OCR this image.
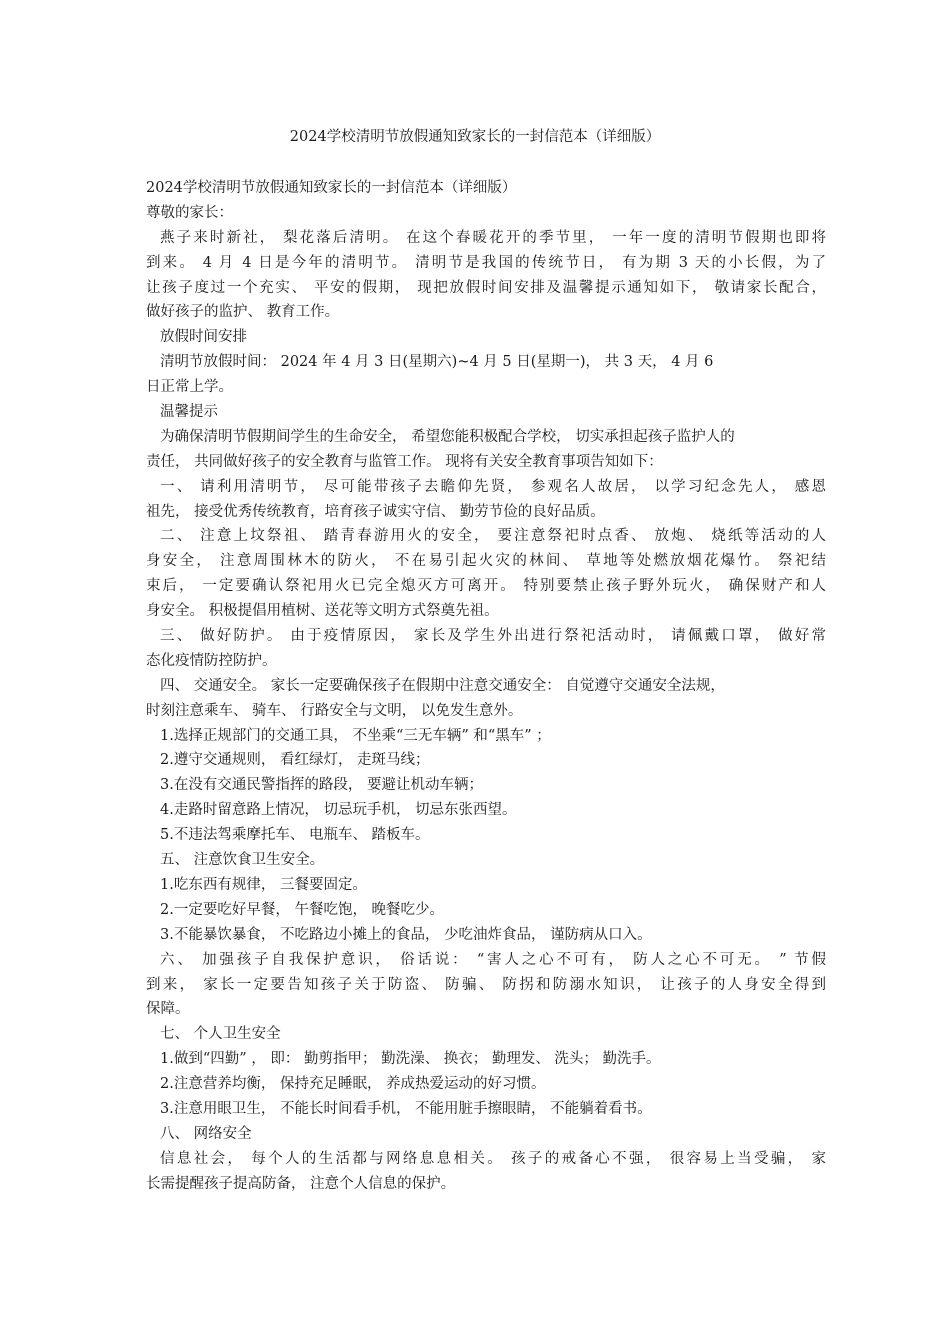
2024学校清明节放假通知致家长的一封信范本（详细版）
2024学校清明节放假通知致家长的一封信范本（详细版）
尊敬的家长：
燕子来时新社， 梨花落后清明。 在这个春暖花开的季节里， 一年一度的清明节假期也即将
到来。 4 月 4 日是今年的清明节。 清明节是我国的传统节日， 有为期 3 天的小长假，为了
让孩子度过一个充实、 平安的假期， 现把放假时间安排及温馨提示通知如下， 敬请家长配合，
做好孩子的监护、 教育工作。
放假时间安排
清明节放假时间： 2024 年 4 月 3 日(星期六)~4 月 5 日(星期一)， 共 3 天， 4 月 6
日正常上学。
温馨提示
为确保清明节假期间学生的生命安全， 希望您能积极配合学校， 切实承担起孩子监护人的
责任， 共同做好孩子的安全教育与监管工作。 现将有关安全教育事项告知如下：
一、 请利用清明节， 尽可能带孩子去瞻仰先贤， 参观名人故居， 以学习纪念先人， 感恩
祖先， 接受优秀传统教育，培育孩子诚实守信、 勤劳节俭的良好品质。
二、 注意上坟祭祖、 踏青春游用火的安全， 要注意祭祀时点香、 放炮、 烧纸等活动的人
身安全， 注意周围林木的防火， 不在易引起火灾的林间、 草地等处燃放烟花爆竹。 祭祀结
束后， 一定要确认祭祀用火已完全熄灭方可离开。 特别要禁止孩子野外玩火， 确保财产和人
身安全。 积极提倡用植树、送花等文明方式祭奠先祖。
三、 做好防护。 由于疫情原因， 家长及学生外出进行祭祀活动时， 请佩戴口罩， 做好常
态化疫情防控防护。
四、 交通安全。 家长一定要确保孩子在假期中注意交通安全： 自觉遵守交通安全法规，
时刻注意乘车、 骑车、 行路安全与文明， 以免发生意外。
1.选择正规部门的交通工具， 不坐乘“三无车辆” 和“黑车” ；
2.遵守交通规则， 看红绿灯， 走斑马线；
3.在没有交通民警指挥的路段， 要避让机动车辆；
4.走路时留意路上情况， 切忌玩手机， 切忌东张西望。
5.不违法驾乘摩托车、 电瓶车、 踏板车。
五、 注意饮食卫生安全。
1.吃东西有规律， 三餐要固定。
2.一定要吃好早餐， 午餐吃饱， 晚餐吃少。
3.不能暴饮暴食， 不吃路边小摊上的食品， 少吃油炸食品， 谨防病从口入。
六、 加强孩子自我保护意识， 俗话说： “害人之心不可有， 防人之心不可无。 ” 节假
到来， 家长一定要告知孩子关于防盗、 防骗、 防拐和防溺水知识， 让孩子的人身安全得到
保障。
七、 个人卫生安全
1.做到“四勤” ， 即： 勤剪指甲； 勤洗澡、 换衣； 勤理发、 洗头； 勤洗手。
2.注意营养均衡， 保持充足睡眠， 养成热爱运动的好习惯。
3.注意用眼卫生， 不能长时间看手机， 不能用脏手擦眼睛， 不能躺着看书。
八、 网络安全
信息社会， 每个人的生活都与网络息息相关。 孩子的戒备心不强， 很容易上当受骗， 家
长需提醒孩子提高防备， 注意个人信息的保护。
